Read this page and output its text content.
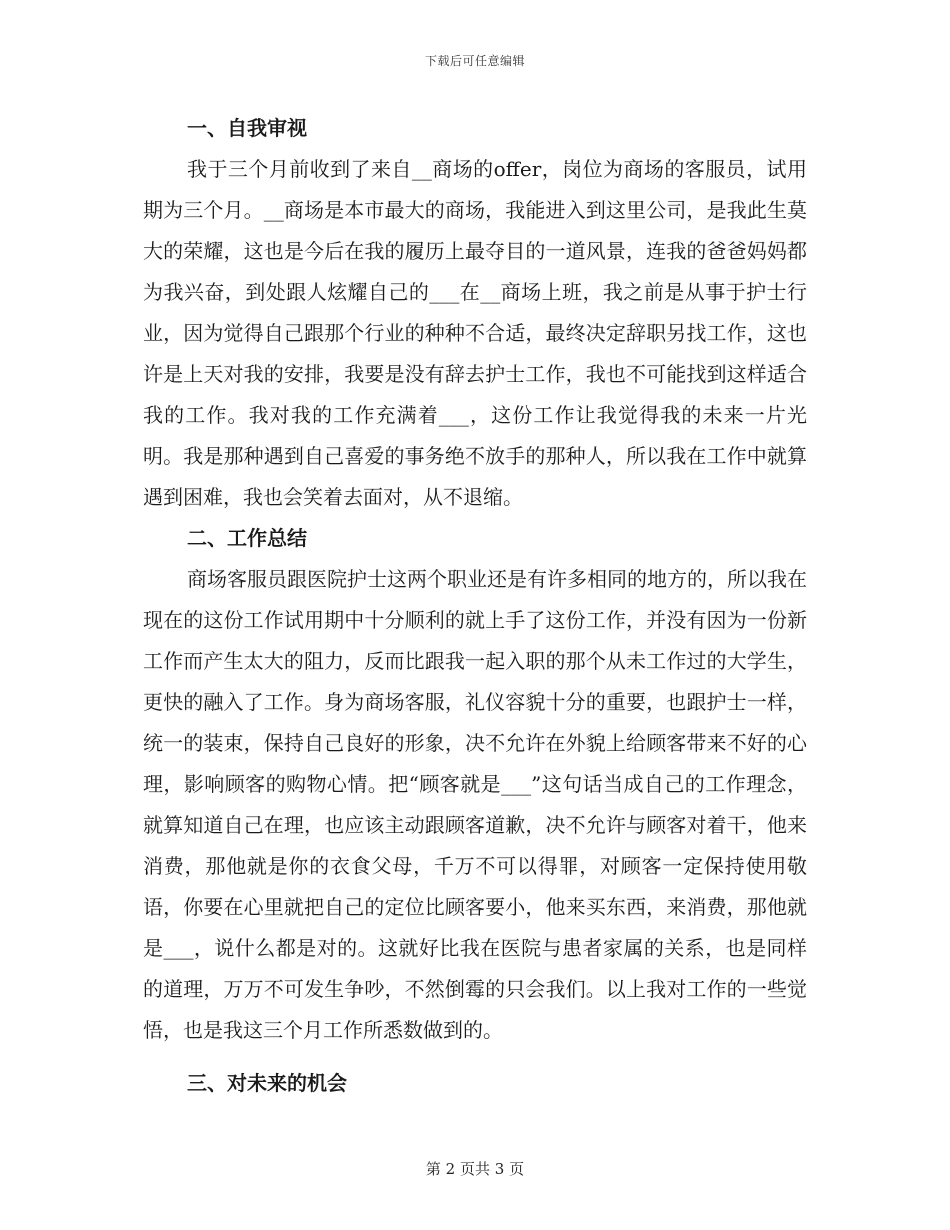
下载后可任意编辑
一、自我审视

我于三个月前收到了来自__商场的offer，岗位为商场的客服员，试用期为三个月。__商场是本市最大的商场，我能进入到这里公司，是我此生莫大的荣耀，这也是今后在我的履历上最夺目的一道风景，连我的爸爸妈妈都为我兴奋，到处跟人炫耀自己的___在__商场上班，我之前是从事于护士行业，因为觉得自己跟那个行业的种种不合适，最终决定辞职另找工作，这也许是上天对我的安排，我要是没有辞去护士工作，我也不可能找到这样适合我的工作。我对我的工作充满着___，这份工作让我觉得我的未来一片光明。我是那种遇到自己喜爱的事务绝不放手的那种人，所以我在工作中就算遇到困难，我也会笑着去面对，从不退缩。

二、工作总结

商场客服员跟医院护士这两个职业还是有许多相同的地方的，所以我在现在的这份工作试用期中十分顺利的就上手了这份工作，并没有因为一份新工作而产生太大的阻力，反而比跟我一起入职的那个从未工作过的大学生，更快的融入了工作。身为商场客服，礼仪容貌十分的重要，也跟护士一样，统一的装束，保持自己良好的形象，决不允许在外貌上给顾客带来不好的心理，影响顾客的购物心情。把“顾客就是___”这句话当成自己的工作理念，就算知道自己在理，也应该主动跟顾客道歉，决不允许与顾客对着干，他来消费，那他就是你的衣食父母，千万不可以得罪，对顾客一定保持使用敬语，你要在心里就把自己的定位比顾客要小，他来买东西，来消费，那他就是___，说什么都是对的。这就好比我在医院与患者家属的关系，也是同样的道理，万万不可发生争吵，不然倒霉的只会我们。以上我对工作的一些觉悟，也是我这三个月工作所悉数做到的。

三、对未来的机会
第 2 页共 3 页
